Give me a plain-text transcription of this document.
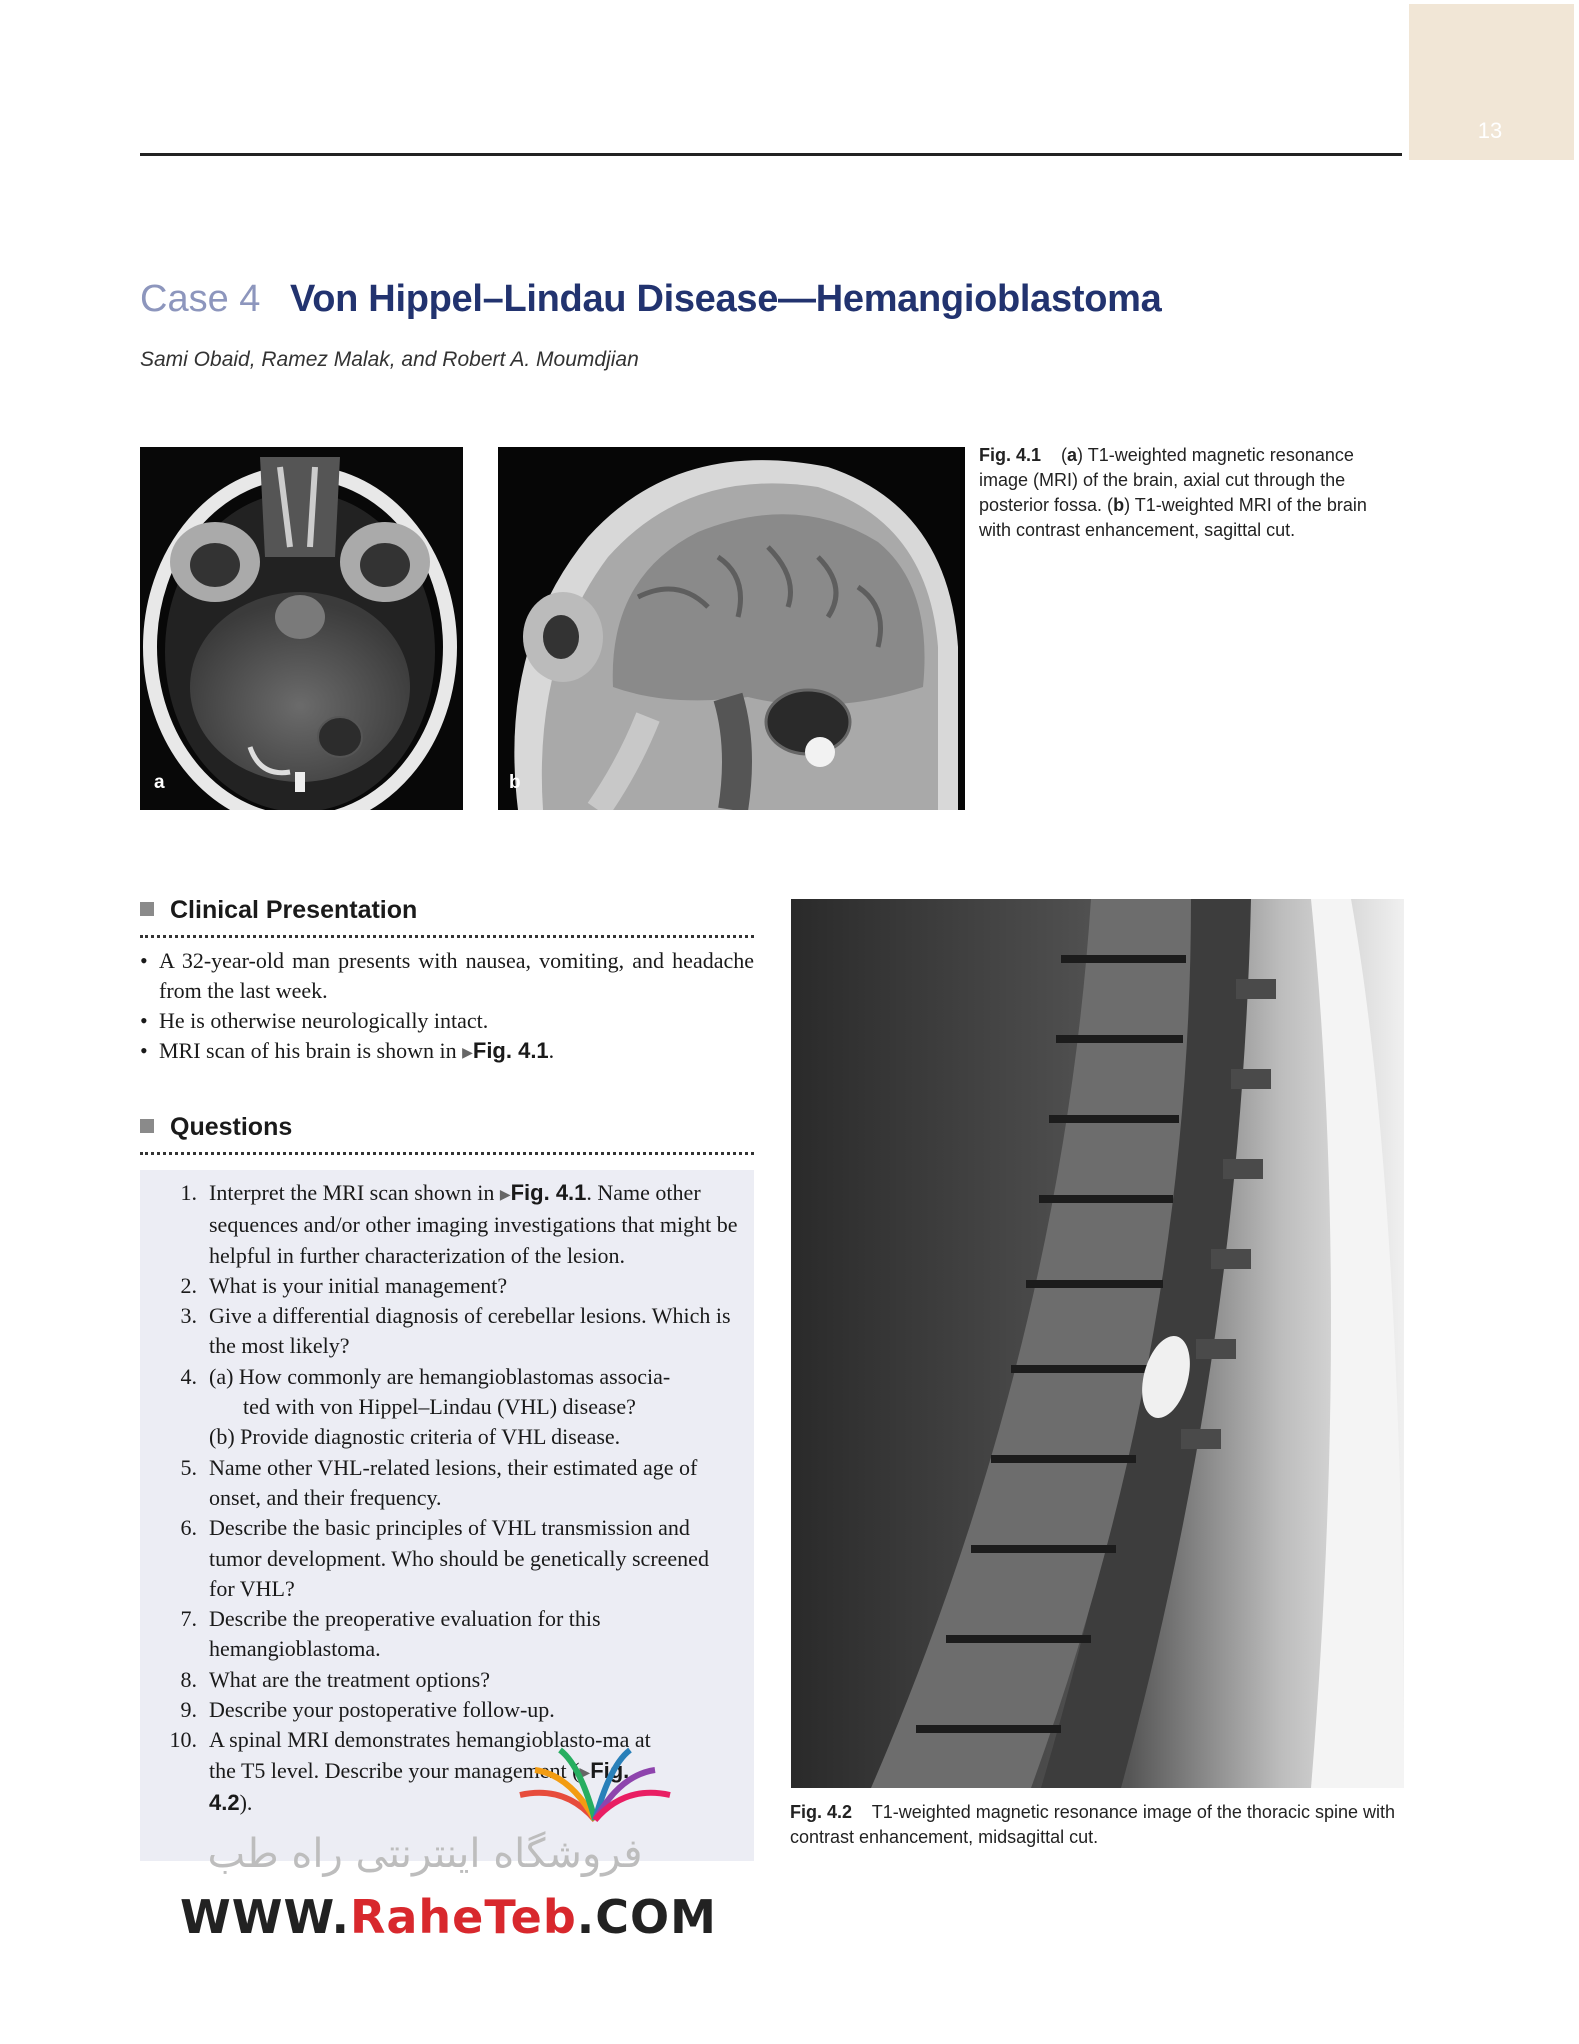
13
Case 4 Von Hippel–Lindau Disease—Hemangioblastoma
Sami Obaid, Ramez Malak, and Robert A. Moumdjian
a	b
Fig. 4.1 (a) T1-weighted magnetic resonance image (MRI) of the brain, axial cut through the posterior fossa. (b) T1-weighted MRI of the brain with contrast enhancement, sagittal cut.
Clinical Presentation
• A 32-year-old man presents with nausea, vomiting, and headache from the last week.
• He is otherwise neurologically intact.
• MRI scan of his brain is shown in ▶Fig. 4.1.
Questions
1. Interpret the MRI scan shown in ▶Fig. 4.1. Name other sequences and/or other imaging investigations that might be helpful in further characterization of the lesion.
2. What is your initial management?
3. Give a differential diagnosis of cerebellar lesions. Which is the most likely?
4. (a) How commonly are hemangioblastomas associa-
ted with von Hippel–Lindau (VHL) disease?
(b) Provide diagnostic criteria of VHL disease.
5. Name other VHL-related lesions, their estimated age of onset, and their frequency.
6. Describe the basic principles of VHL transmission and tumor development. Who should be genetically screened for VHL?
7. Describe the preoperative evaluation for this hemangioblastoma.
8. What are the treatment options?
9. Describe your postoperative follow-up.
10. A spinal MRI demonstrates hemangioblasto-ma at the T5 level. Describe your management (▶Fig. 4.2).	Fig. 4.2 T1-weighted magnetic resonance image of the thoracic spine with contrast enhancement, midsagittal cut.
فروشگاه اینترنتی راه طب
WWW.RaheTeb.COM
